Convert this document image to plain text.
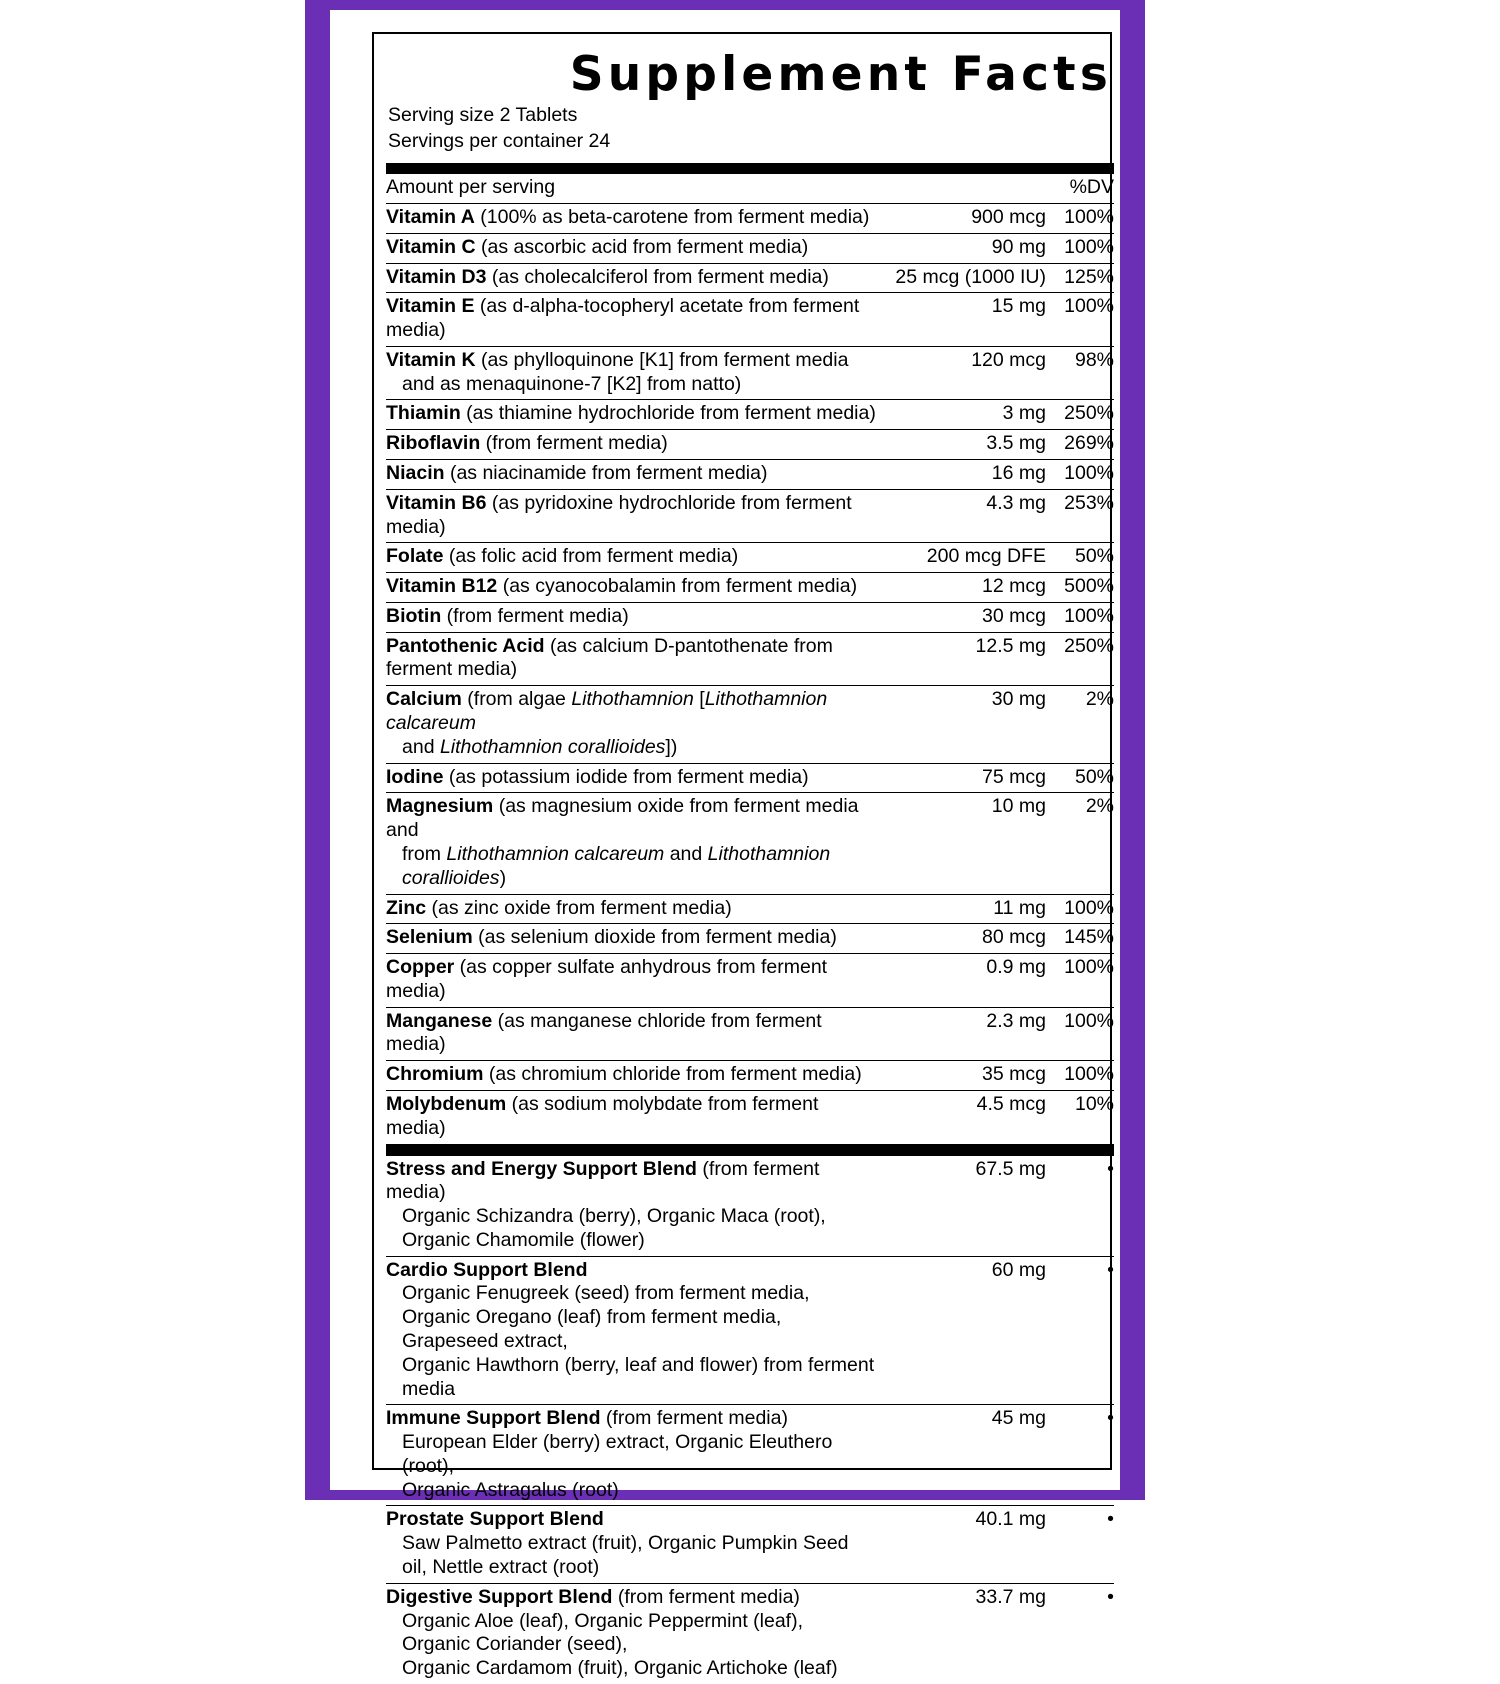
Supplement Facts
Serving size 2 Tablets
Servings per container 24
Amount per serving		%DV
Vitamin A (100% as beta-carotene from ferment media)	900 mcg	100%
Vitamin C (as ascorbic acid from ferment media)	90 mg	100%
Vitamin D3 (as cholecalciferol from ferment media)	25 mcg (1000 IU)	125%
Vitamin E (as d-alpha-tocopheryl acetate from ferment media)	15 mg	100%
Vitamin K (as phylloquinone [K1] from ferment media
and as menaquinone-7 [K2] from natto)	120 mcg	98%
Thiamin (as thiamine hydrochloride from ferment media)	3 mg	250%
Riboflavin (from ferment media)	3.5 mg	269%
Niacin (as niacinamide from ferment media)	16 mg	100%
Vitamin B6 (as pyridoxine hydrochloride from ferment media)	4.3 mg	253%
Folate (as folic acid from ferment media)	200 mcg DFE	50%
Vitamin B12 (as cyanocobalamin from ferment media)	12 mcg	500%
Biotin (from ferment media)	30 mcg	100%
Pantothenic Acid (as calcium D-pantothenate from ferment media)	12.5 mg	250%
Calcium (from algae Lithothamnion [Lithothamnion calcareum
and Lithothamnion corallioides])	30 mg	2%
Iodine (as potassium iodide from ferment media)	75 mcg	50%
Magnesium (as magnesium oxide from ferment media and
from Lithothamnion calcareum and Lithothamnion corallioides)	10 mg	2%
Zinc (as zinc oxide from ferment media)	11 mg	100%
Selenium (as selenium dioxide from ferment media)	80 mcg	145%
Copper (as copper sulfate anhydrous from ferment media)	0.9 mg	100%
Manganese (as manganese chloride from ferment media)	2.3 mg	100%
Chromium (as chromium chloride from ferment media)	35 mcg	100%
Molybdenum (as sodium molybdate from ferment media)	4.5 mcg	10%
Stress and Energy Support Blend (from ferment media)
Organic Schizandra (berry), Organic Maca (root),
Organic Chamomile (flower)	67.5 mg	•
Cardio Support Blend
Organic Fenugreek (seed) from ferment media,
Organic Oregano (leaf) from ferment media, Grapeseed extract,
Organic Hawthorn (berry, leaf and flower) from ferment media	60 mg	•
Immune Support Blend (from ferment media)
European Elder (berry) extract, Organic Eleuthero (root),
Organic Astragalus (root)	45 mg	•
Prostate Support Blend
Saw Palmetto extract (fruit), Organic Pumpkin Seed oil, Nettle extract (root)	40.1 mg	•
Digestive Support Blend (from ferment media)
Organic Aloe (leaf), Organic Peppermint (leaf), Organic Coriander (seed),
Organic Cardamom (fruit), Organic Artichoke (leaf)	33.7 mg	•
